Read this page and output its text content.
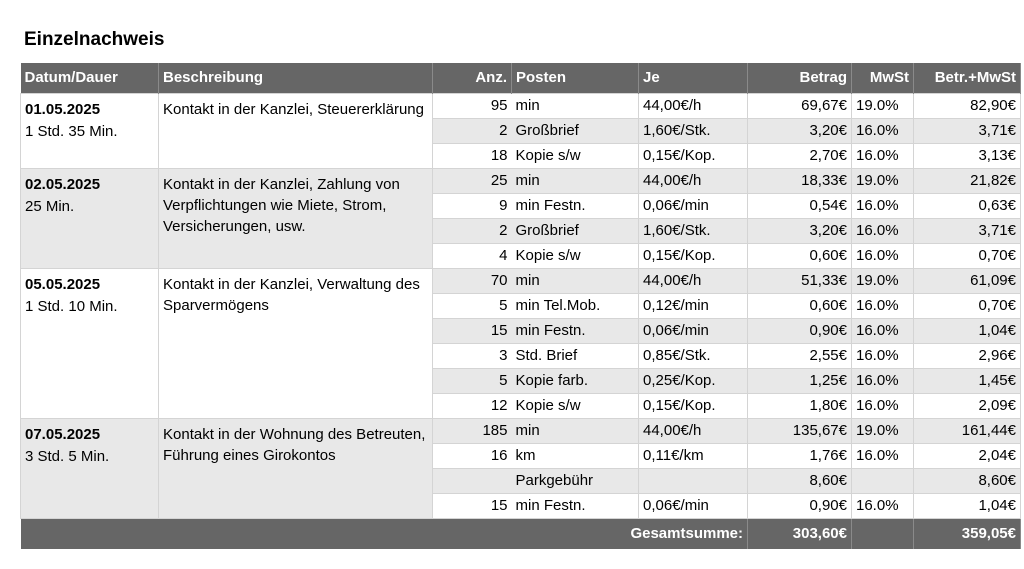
Einzelnachweis
Datum/Dauer	Beschreibung	Anz.	Posten	Je	Betrag	MwSt	Betr.+MwSt

01.05.2025
1 Std. 35 Min.	Kontakt in der Kanzlei, Steuererklärung	95	min	44,00€/h	69,67€	19.0%	82,90€
		2	Großbrief	1,60€/Stk.	3,20€	16.0%	3,71€
		18	Kopie s/w	0,15€/Kop.	2,70€	16.0%	3,13€

02.05.2025
25 Min.	Kontakt in der Kanzlei, Zahlung von Verpflichtungen wie Miete, Strom, Versicherungen, usw.	25	min	44,00€/h	18,33€	19.0%	21,82€
		9	min Festn.	0,06€/min	0,54€	16.0%	0,63€
		2	Großbrief	1,60€/Stk.	3,20€	16.0%	3,71€
		4	Kopie s/w	0,15€/Kop.	0,60€	16.0%	0,70€

05.05.2025
1 Std. 10 Min.	Kontakt in der Kanzlei, Verwaltung des Sparvermögens	70	min	44,00€/h	51,33€	19.0%	61,09€
		5	min Tel.Mob.	0,12€/min	0,60€	16.0%	0,70€
		15	min Festn.	0,06€/min	0,90€	16.0%	1,04€
		3	Std. Brief	0,85€/Stk.	2,55€	16.0%	2,96€
		5	Kopie farb.	0,25€/Kop.	1,25€	16.0%	1,45€
		12	Kopie s/w	0,15€/Kop.	1,80€	16.0%	2,09€

07.05.2025
3 Std. 5 Min.	Kontakt in der Wohnung des Betreuten, Führung eines Girokontos	185	min	44,00€/h	135,67€	19.0%	161,44€
		16	km	0,11€/km	1,76€	16.0%	2,04€
			Parkgebühr		8,60€		8,60€
		15	min Festn.	0,06€/min	0,90€	16.0%	1,04€
Gesamtsumme:					303,60€		359,05€
